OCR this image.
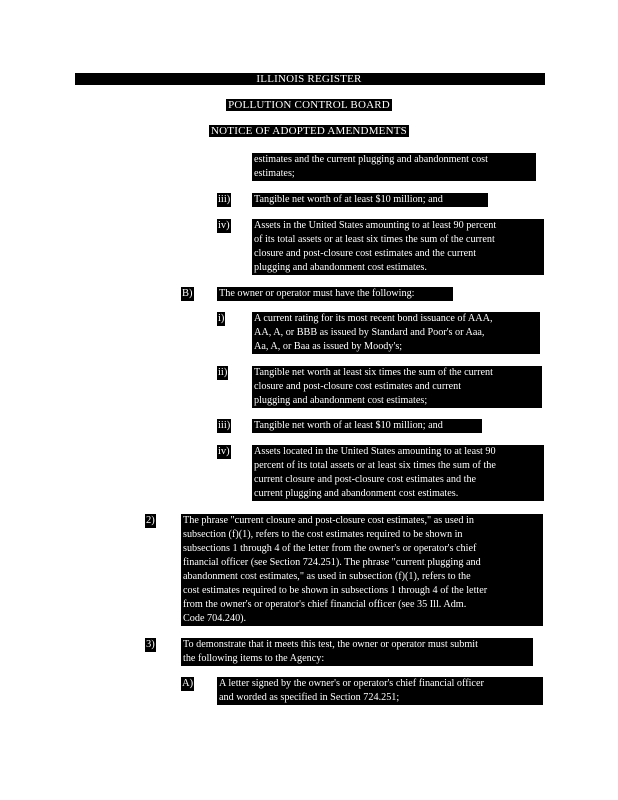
ILLINOIS REGISTER
POLLUTION CONTROL BOARD
NOTICE OF ADOPTED AMENDMENTS
estimates and the current plugging and abandonment cost
estimates;
iii) Tangible net worth of at least $10 million; and
iv) Assets in the United States amounting to at least 90 percent
of its total assets or at least six times the sum of the current
closure and post-closure cost estimates and the current
plugging and abandonment cost estimates.
B)	The owner or operator must have the following:
i)	A current rating for its most recent bond issuance of AAA,
AA, A, or BBB as issued by Standard and Poor's or Aaa,
Aa, A, or Baa as issued by Moody's;
ii)	Tangible net worth at least six times the sum of the current
closure and post-closure cost estimates and current
plugging and abandonment cost estimates;
iii) Tangible net worth of at least $10 million; and
iv) Assets located in the United States amounting to at least 90
percent of its total assets or at least six times the sum of the
current closure and post-closure cost estimates and the
current plugging and abandonment cost estimates.
2)	The phrase "current closure and post-closure cost estimates," as used in
subsection (f)(1), refers to the cost estimates required to be shown in
subsections 1 through 4 of the letter from the owner's or operator's chief
financial officer (see Section 724.251). The phrase "current plugging and
abandonment cost estimates," as used in subsection (f)(1), refers to the
cost estimates required to be shown in subsections 1 through 4 of the letter
from the owner's or operator's chief financial officer (see 35 Ill. Adm.
Code 704.240).
3)	To demonstrate that it meets this test, the owner or operator must submit
the following items to the Agency:
A)	A letter signed by the owner's or operator's chief financial officer
and worded as specified in Section 724.251;
